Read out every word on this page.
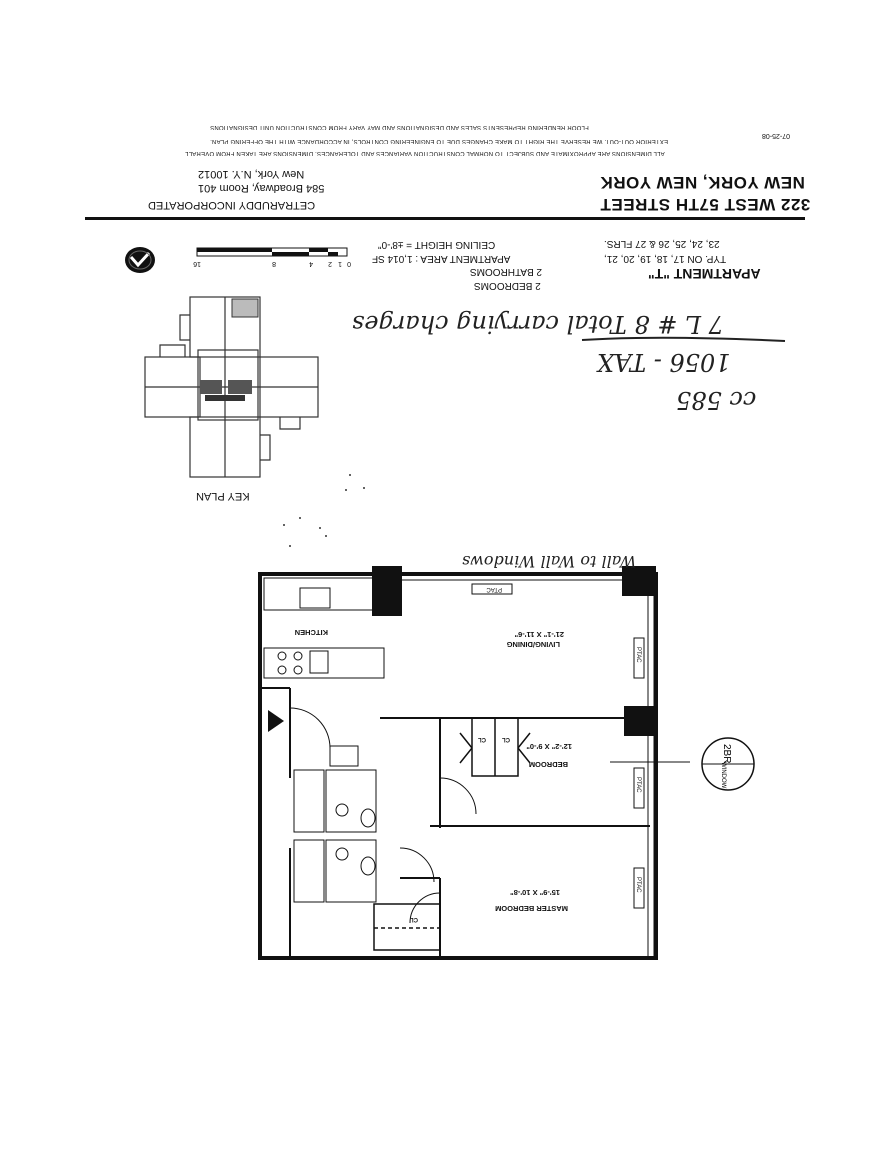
07-25-08
FLOOR RENDERING REPRESENTS SALES AND DESIGNATIONS AND MAY VARY FROM CONSTRUCTION UNIT DESIGNATIONS
EXTERIOR OUT-OUT. WE RESERVE THE RIGHT TO MAKE CHANGES DUE TO ENGINEERING CONTROLS, IN ACCORDANCE WITH THE OFFERING PLAN.
ALL DIMENSIONS ARE APPROXIMATE AND SUBJECT TO NORMAL CONSTRUCTION VARIANCES AND TOLERANCES. DIMENSIONS ARE TAKEN FROM OVERALL
NEW YORK, NEW YORK
322 WEST 57TH STREET
New York, N.Y. 10012
584 Broadway, Room 401
CETRARUDDY INCORPORATED
23, 24, 25, 26 & 27 FLRS.
TYP. ON 17, 18, 19, 20, 21,
APARTMENT "T"
CEILING HEIGHT = ±8'-0"
APARTMENT AREA : 1,014 SF
2 BATHROOMS
2 BEDROOMS
16	8	4 2 1 0
7 L # 8 Total carrying charges
1056 - TAX
cc 585
KEY PLAN
PTAC
PTAC
PTAC
PTAC
KITCHEN
LIVING/DINING
21'-1" X 11'-6"
BEDROOM
12'-2" X 9'-0"
MASTER BEDROOM
15'-9" X 10'-8"
CL	CL
CL
Wall to Wall Windows
2BR
WINDOW
